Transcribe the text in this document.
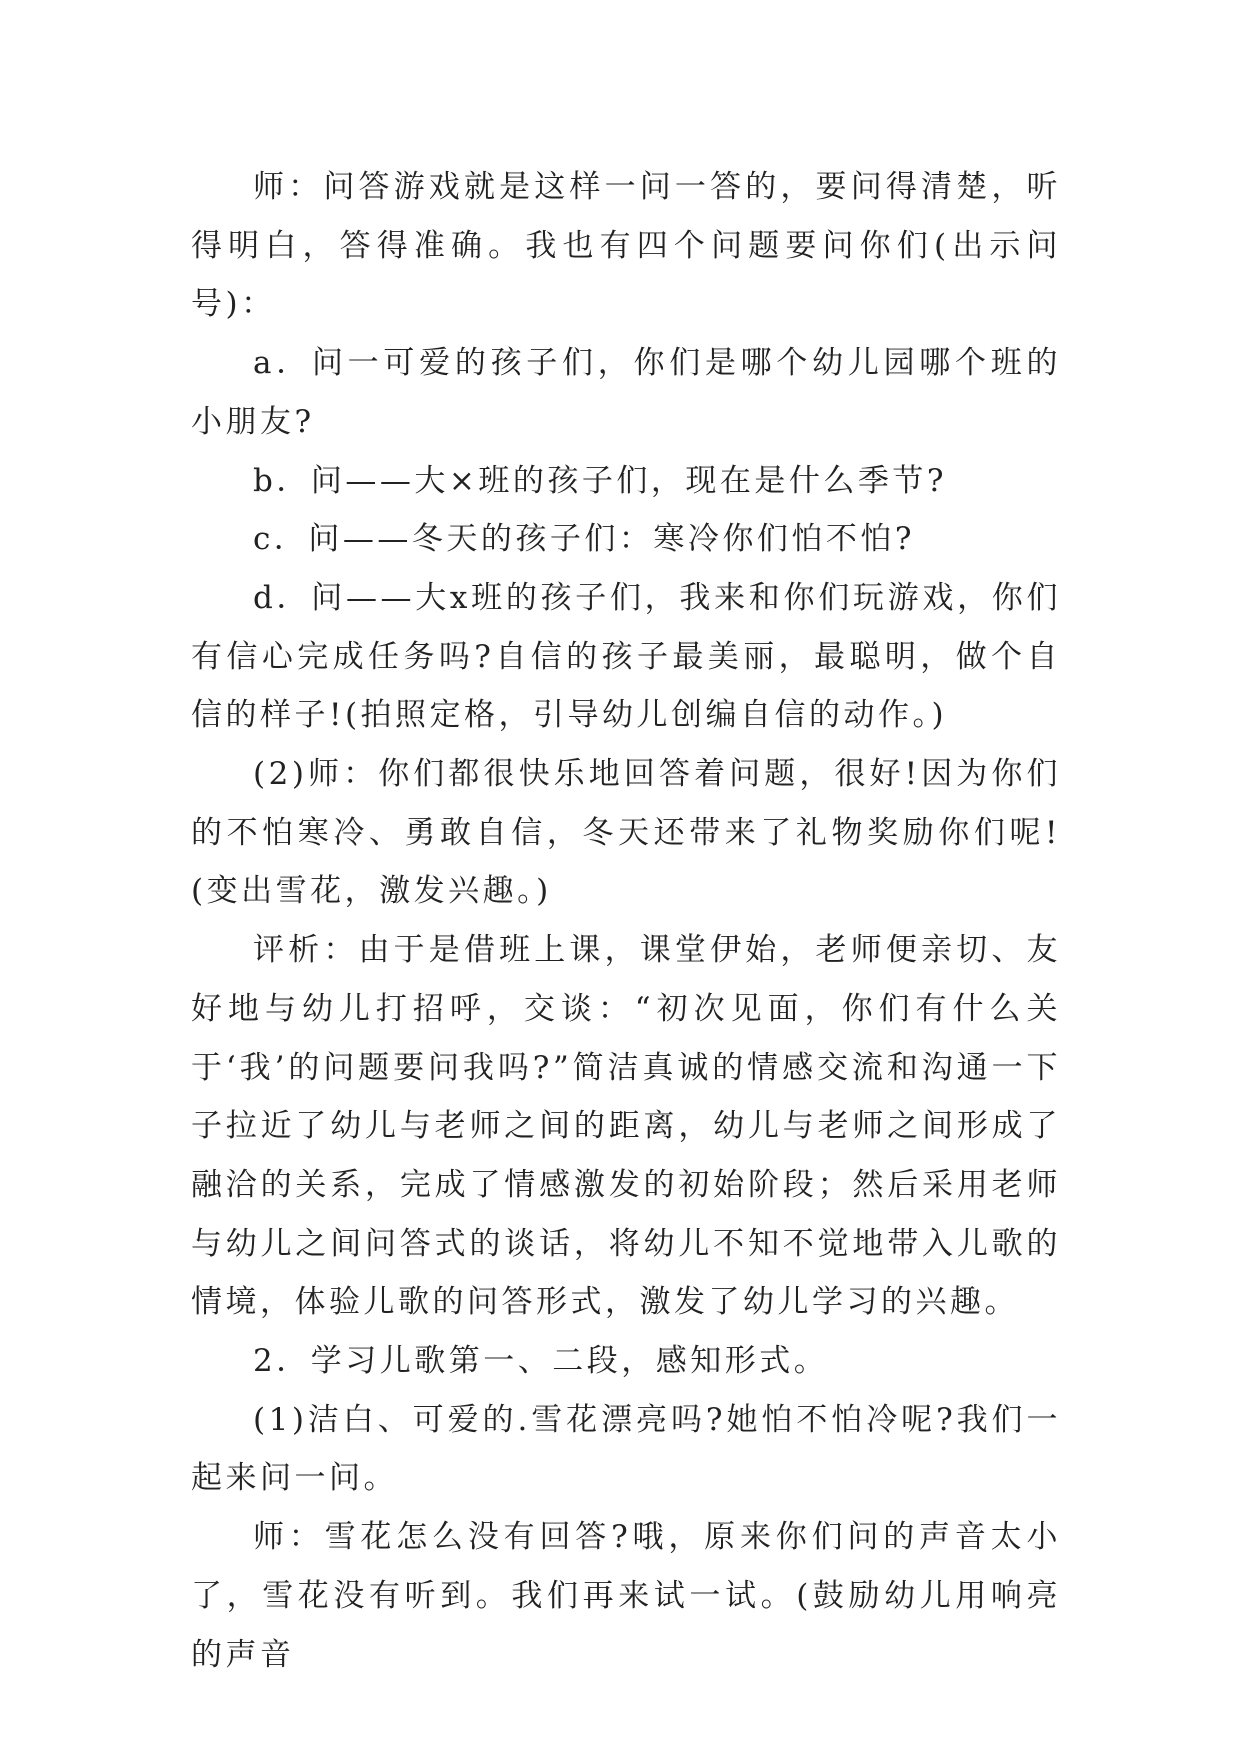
师：问答游戏就是这样一问一答的，要问得清楚，听得明白，答得准确。我也有四个问题要问你们(出示问号)：

a．问一可爱的孩子们，你们是哪个幼儿园哪个班的小朋友?

b．问——大×班的孩子们，现在是什么季节?

c．问——冬天的孩子们：寒冷你们怕不怕?

d．问——大x班的孩子们，我来和你们玩游戏，你们有信心完成任务吗?自信的孩子最美丽，最聪明，做个自信的样子!(拍照定格，引导幼儿创编自信的动作。)

(2)师：你们都很快乐地回答着问题，很好!因为你们的不怕寒冷、勇敢自信，冬天还带来了礼物奖励你们呢!(变出雪花，激发兴趣。)

评析：由于是借班上课，课堂伊始，老师便亲切、友好地与幼儿打招呼，交谈：“初次见面，你们有什么关于‘我’的问题要问我吗?”简洁真诚的情感交流和沟通一下子拉近了幼儿与老师之间的距离，幼儿与老师之间形成了融洽的关系，完成了情感激发的初始阶段；然后采用老师与幼儿之间问答式的谈话，将幼儿不知不觉地带入儿歌的情境，体验儿歌的问答形式，激发了幼儿学习的兴趣。

2．学习儿歌第一、二段，感知形式。

(1)洁白、可爱的.雪花漂亮吗?她怕不怕冷呢?我们一起来问一问。

师：雪花怎么没有回答?哦，原来你们问的声音太小了，雪花没有听到。我们再来试一试。(鼓励幼儿用响亮的声音
